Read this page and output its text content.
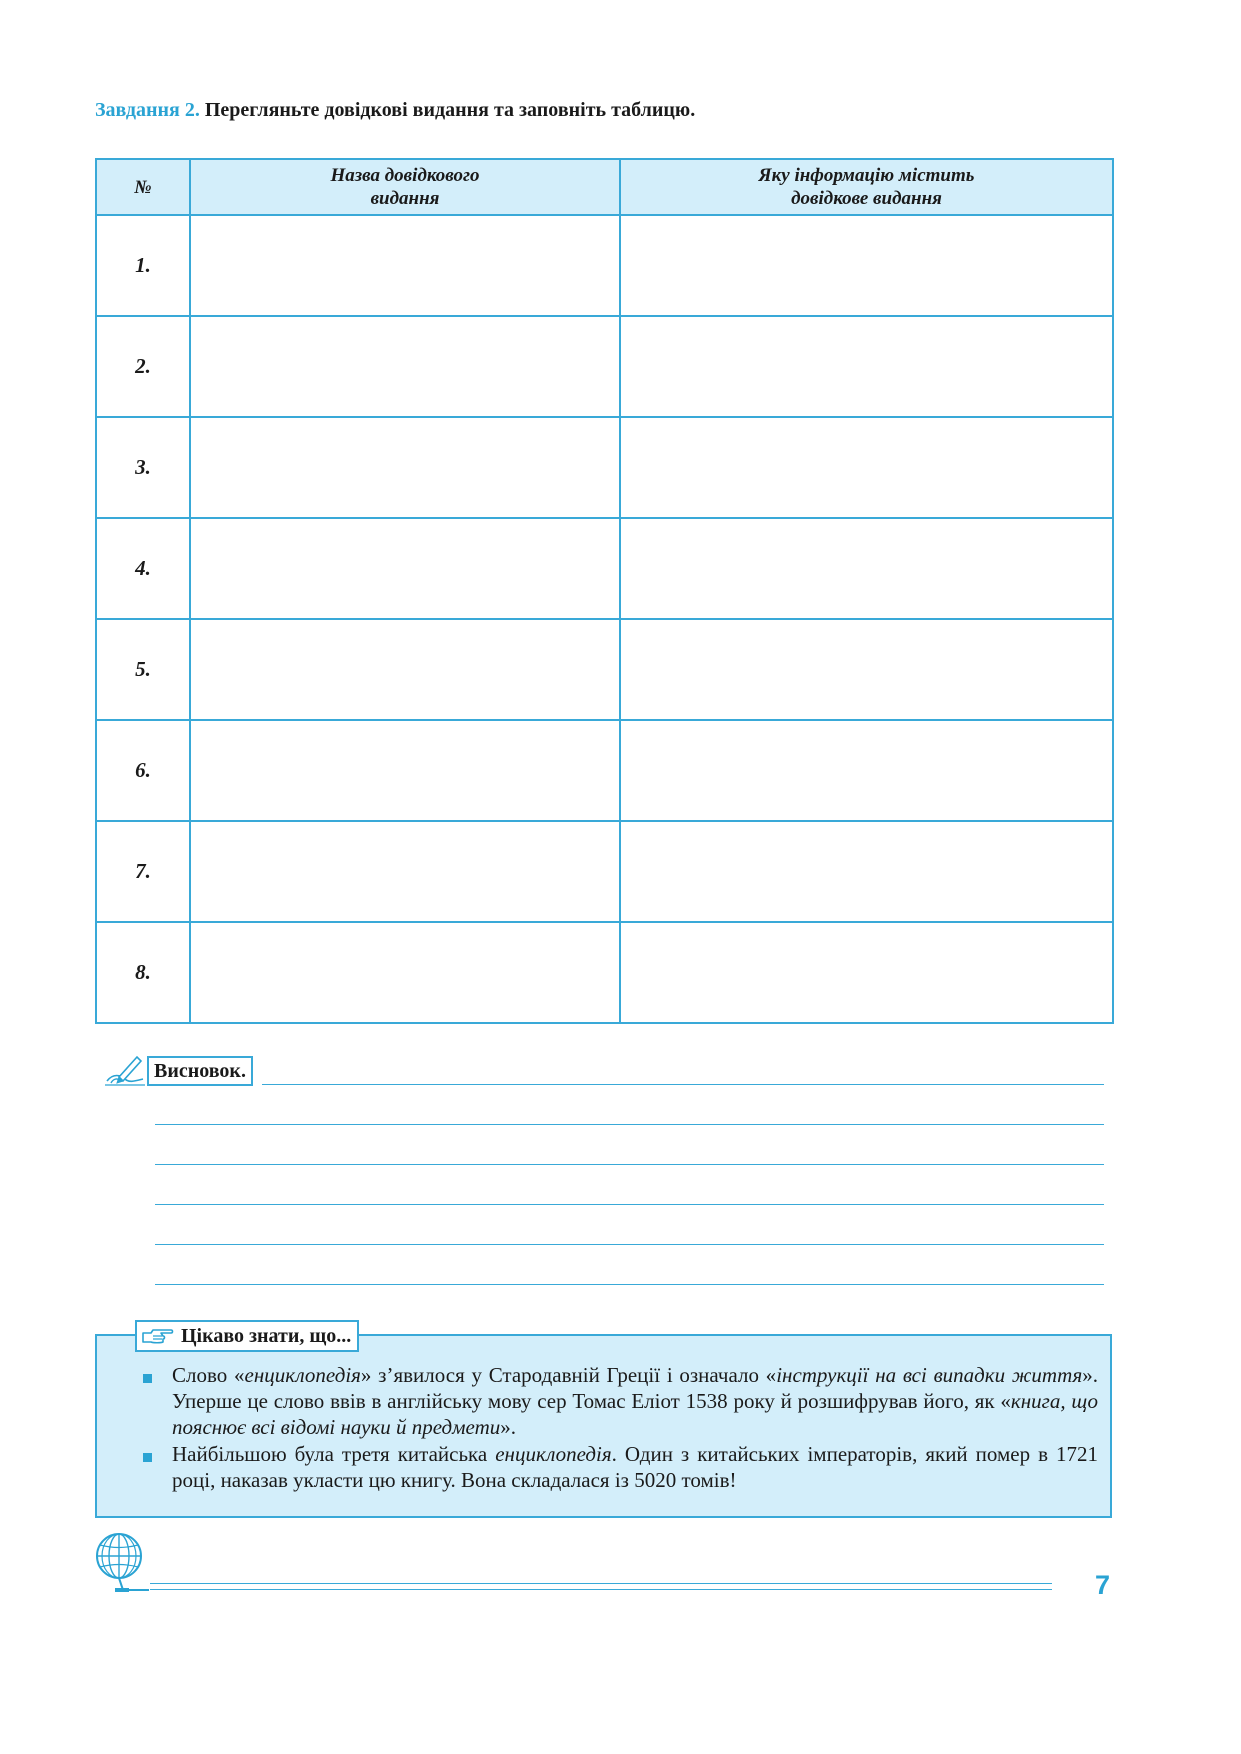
Завдання 2. Перегляньте довідкові видання та заповніть таблицю.
№	Назва довідкового видання	Яку інформацію містить довідкове видання
1.		
2.		
3.		
4.		
5.		
6.		
7.		
8.		
Висновок.
Цікаво знати, що...
Слово «енциклопедія» з’явилося у Стародавній Греції і означало «інструкції на всі випадки життя». Уперше це слово ввів в англійську мову сер Томас Еліот 1538 року й розшифрував його, як «книга, що пояснює всі відомі науки й предмети».
Найбільшою була третя китайська енциклопедія. Один з китайських імператорів, який помер в 1721 році, наказав укласти цю книгу. Вона складалася із 5020 томів!
7
